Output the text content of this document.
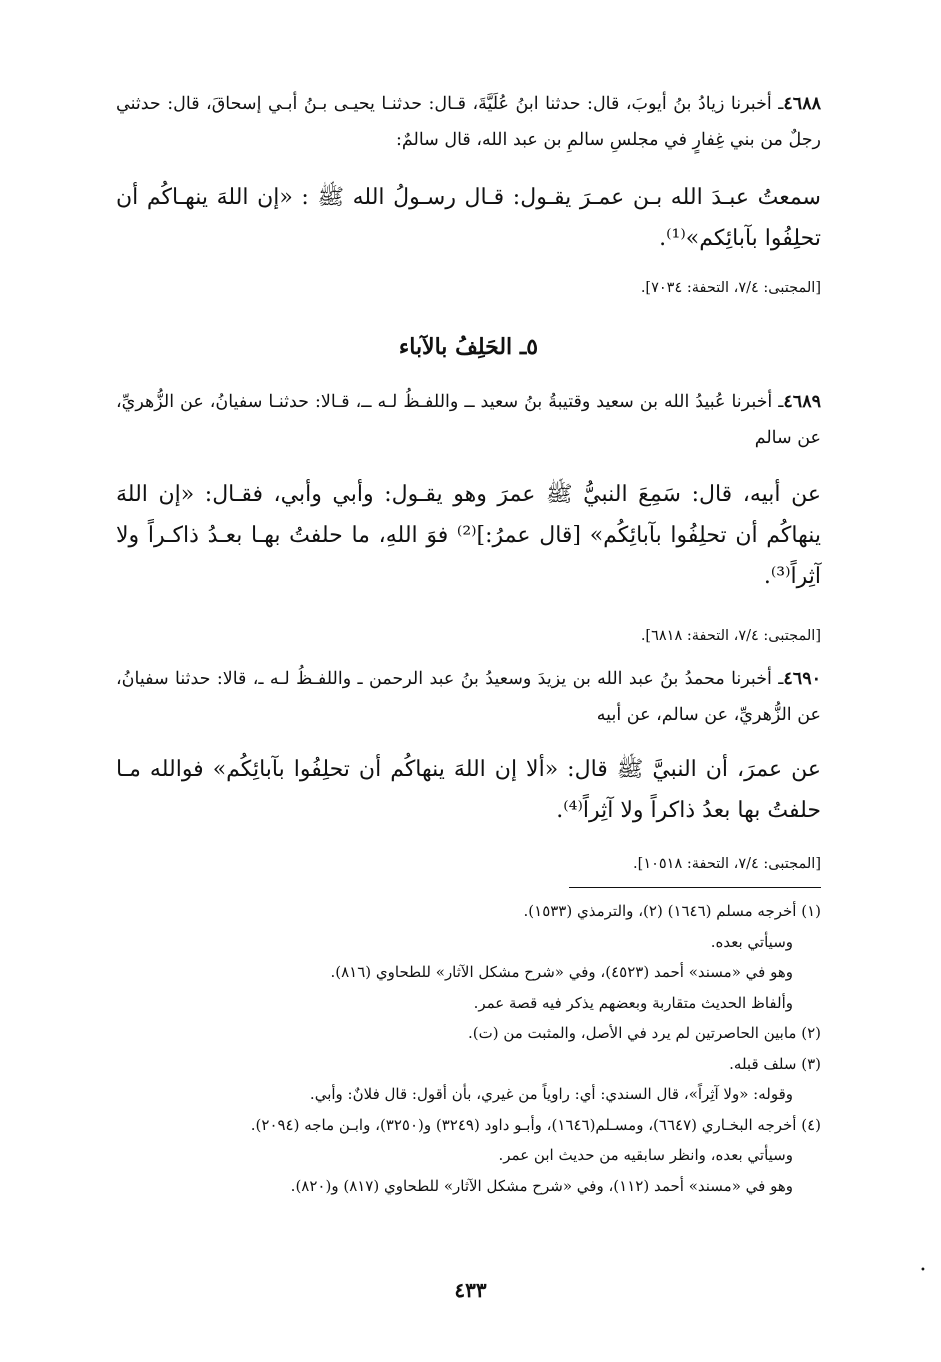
٤٦٨٨ـ أخبرنا زيادُ بنُ أيوبَ، قال: حدثنا ابنُ عُلَيَّةَ، قـال: حدثنـا يحيـى بـنُ أبـي إسحاقَ، قال: حدثني رجلٌ من بني غِفارٍ في مجلسِ سالمِ بن عبد الله، قال سالمٌ:
سمعتُ عبـدَ الله بـن عمـرَ يقـول: قـال رسـولُ الله ﷺ : «إن اللهَ ينهـاكُم أن تحلِفُوا بآبائِكم»⁽¹⁾.
[المجتبى: ٧/٤، التحفة: ٧٠٣٤].
٥ـ الحَلِفُ بالآباء
٤٦٨٩ـ أخبرنا عُبيدُ الله بن سعيد وقتيبةُ بنُ سعيد ــ واللفـظُ لـه ــ، قـالا: حدثنـا سفيانُ، عن الزُّهريِّ، عن سالم
عن أبيه، قال: سَمِعَ النبيُّ ﷺ عمرَ وهو يقـول: وأبي وأبي، فقـال: «إن اللهَ ينهاكُم أن تحلِفُوا بآبائِكُم» [قال عمرُ:]⁽²⁾ فوَ اللهِ، ما حلفتُ بهـا بعـدُ ذاكـراً ولا آثِراً⁽³⁾.
[المجتبى: ٧/٤، التحفة: ٦٨١٨].
٤٦٩٠ـ أخبرنا محمدُ بنُ عبد الله بن يزيدَ وسعيدُ بنُ عبد الرحمن ـ واللفـظُ لـه ـ، قالا: حدثنا سفيانُ، عن الزُّهريِّ، عن سالم، عن أبيه
عن عمرَ، أن النبيَّ ﷺ قال: «ألا إن اللهَ ينهاكُم أن تحلِفُوا بآبائِكُم» فوالله مـا حلفتُ بها بعدُ ذاكراً ولا آثِراً⁽⁴⁾.
[المجتبى: ٧/٤، التحفة: ١٠٥١٨].
(١) أخرجه مسلم (١٦٤٦) (٢)، والترمذي (١٥٣٣).
وسيأتي بعده.
وهو في «مسند» أحمد (٤٥٢٣)، وفي «شرح مشكل الآثار» للطحاوي (٨١٦).
وألفاظ الحديث متقاربة وبعضهم يذكر فيه قصة عمر.
(٢) مابين الحاصرتين لم يرد في الأصل، والمثبت من (ت).
(٣) سلف قبله.
وقوله: «ولا آثِراً»، قال السندي: أي: راوياً من غيري، بأن أقول: قال فلانٌ: وأبي.
(٤) أخرجه البخـاري (٦٦٤٧)، ومسـلم(١٦٤٦)، وأبـو داود (٣٢٤٩) و(٣٢٥٠)، وابـن ماجه (٢٠٩٤).
وسيأتي بعده، وانظر سابقيه من حديث ابن عمر.
وهو في «مسند» أحمد (١١٢)، وفي «شرح مشكل الآثار» للطحاوي (٨١٧) و(٨٢٠).
٤٣٣
•
